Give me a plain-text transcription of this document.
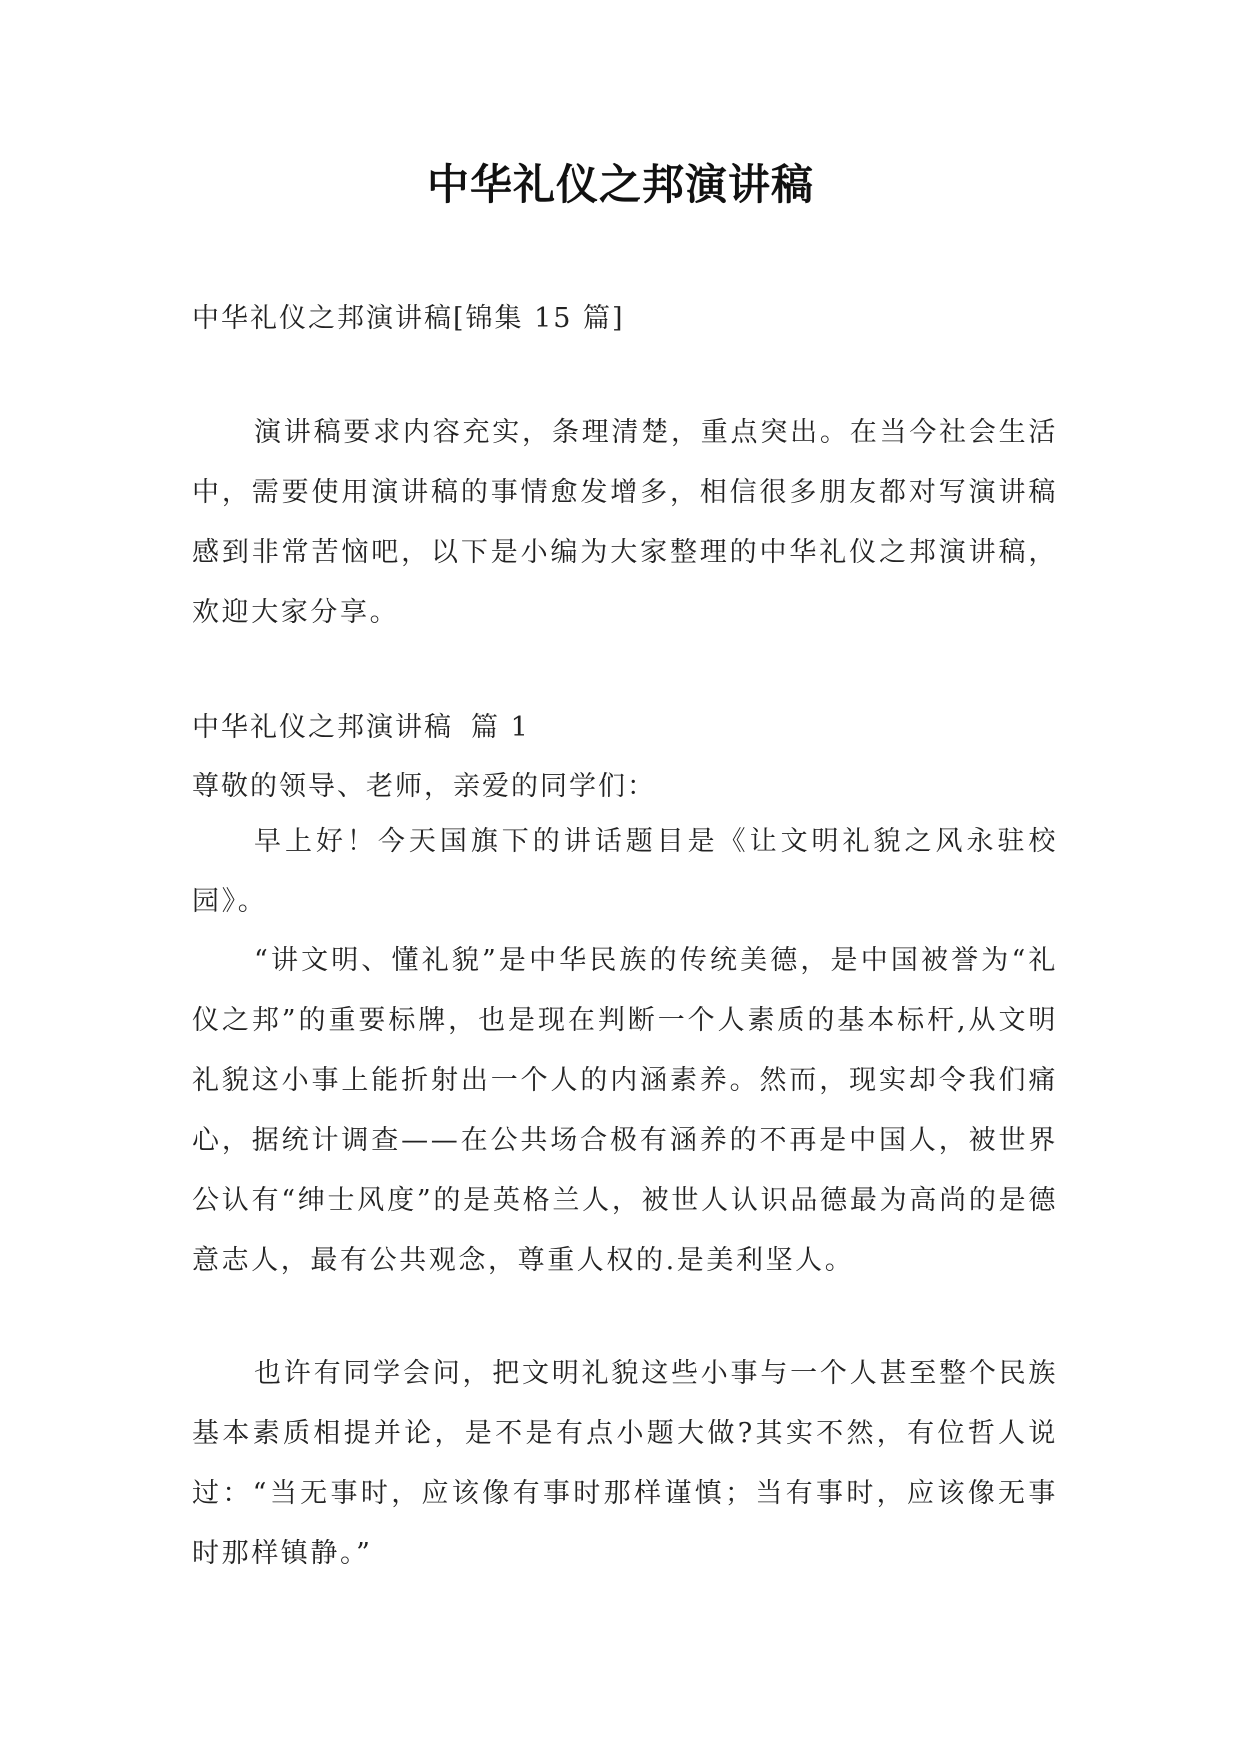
中华礼仪之邦演讲稿
中华礼仪之邦演讲稿[锦集 15 篇]

演讲稿要求内容充实，条理清楚，重点突出。在当今社会生活中，需要使用演讲稿的事情愈发增多，相信很多朋友都对写演讲稿感到非常苦恼吧，以下是小编为大家整理的中华礼仪之邦演讲稿，欢迎大家分享。

中华礼仪之邦演讲稿 篇 1
尊敬的领导、老师，亲爱的同学们：

早上好！今天国旗下的讲话题目是《让文明礼貌之风永驻校园》。

“讲文明、懂礼貌”是中华民族的传统美德，是中国被誉为“礼仪之邦”的重要标牌，也是现在判断一个人素质的基本标杆,从文明礼貌这小事上能折射出一个人的内涵素养。然而，现实却令我们痛心，据统计调查——在公共场合极有涵养的不再是中国人，被世界公认有“绅士风度”的是英格兰人，被世人认识品德最为高尚的是德意志人，最有公共观念，尊重人权的.是美利坚人。

也许有同学会问，把文明礼貌这些小事与一个人甚至整个民族基本素质相提并论，是不是有点小题大做?其实不然，有位哲人说过：“当无事时，应该像有事时那样谨慎；当有事时，应该像无事时那样镇静。”
